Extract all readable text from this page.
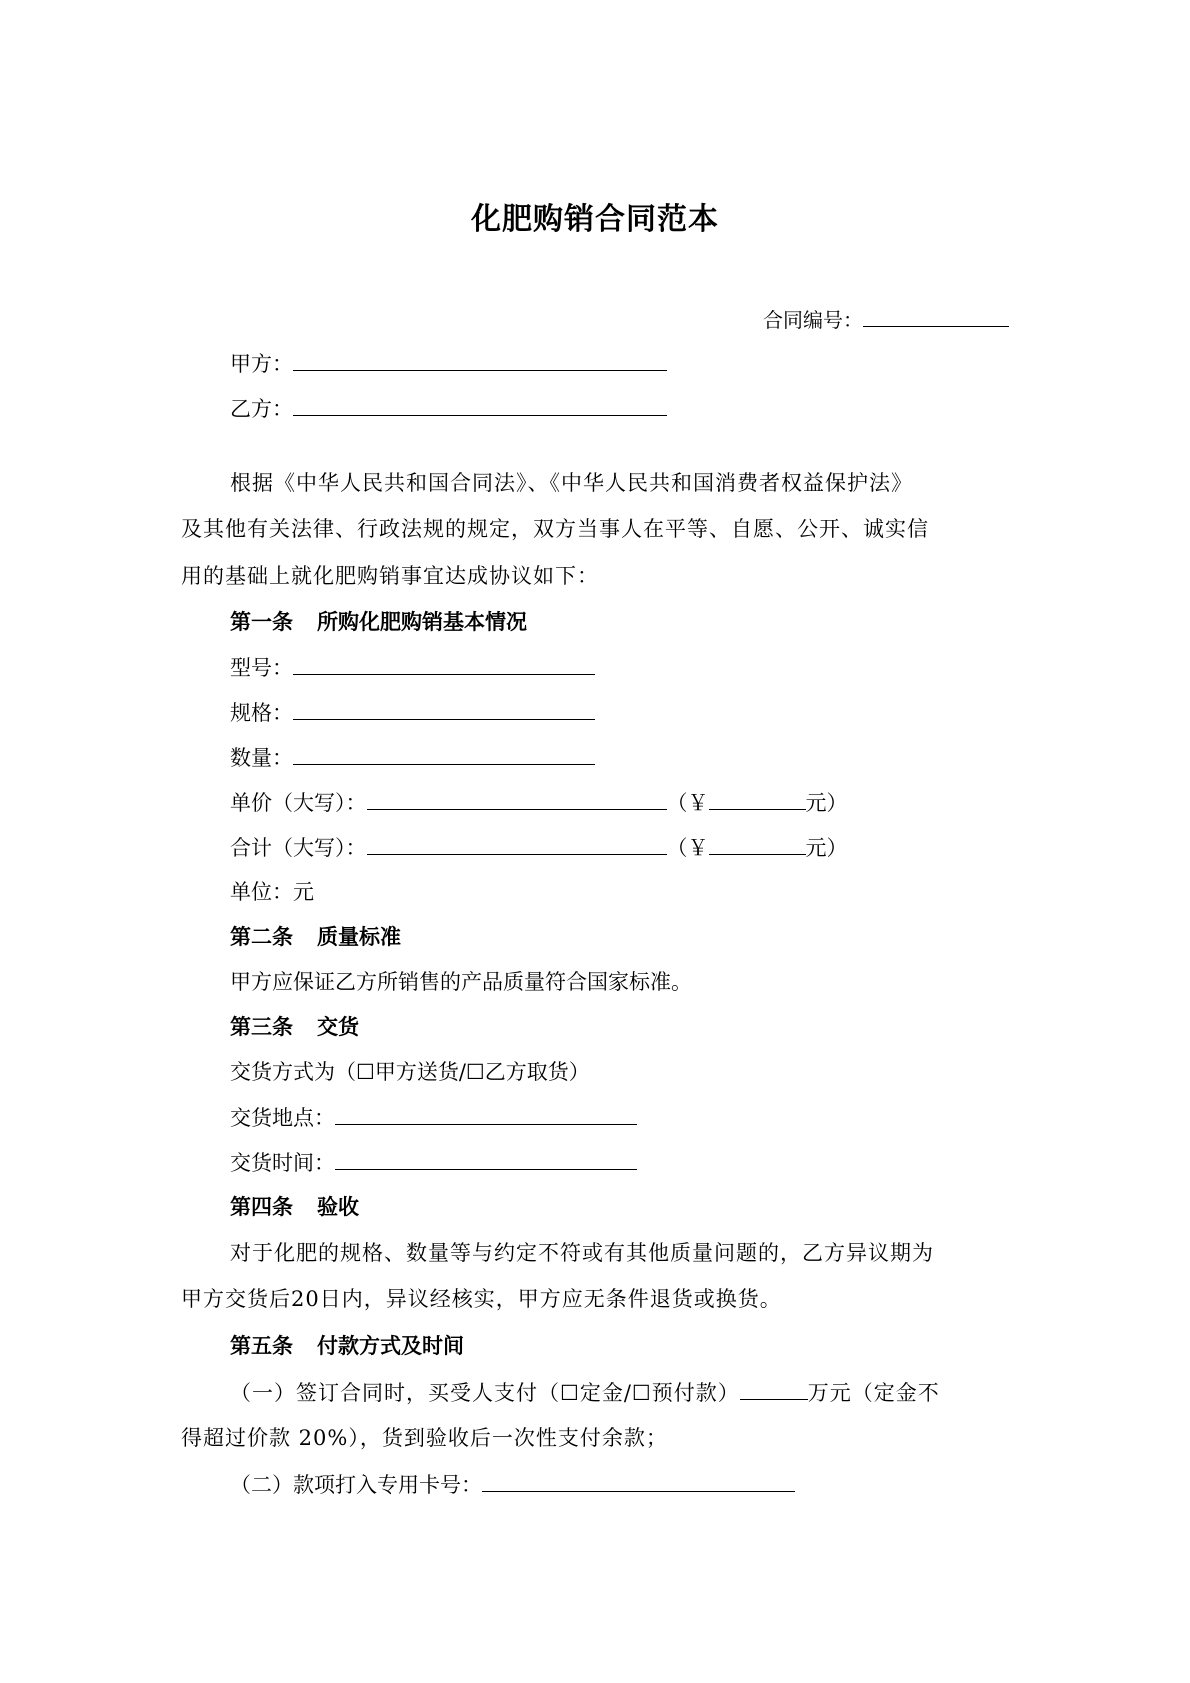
化肥购销合同范本
合同编号：
甲方：
乙方：
根据《中华人民共和国合同法》、《中华人民共和国消费者权益保护法》
及其他有关法律、行政法规的规定，双方当事人在平等、自愿、公开、诚实信
用的基础上就化肥购销事宜达成协议如下：
第一条 所购化肥购销基本情况
型号：
规格：
数量：
单价（大写）：	（￥	元）
合计（大写）：	（￥	元）
单位：元
第二条 质量标准
甲方应保证乙方所销售的产品质量符合国家标准。
第三条 交货
交货方式为（☐甲方送货/☐乙方取货）
交货地点：
交货时间：
第四条 验收
对于化肥的规格、数量等与约定不符或有其他质量问题的，乙方异议期为
甲方交货后20日内，异议经核实，甲方应无条件退货或换货。
第五条 付款方式及时间
（一）签订合同时，买受人支付（☐定金/☐预付款）	万元（定金不
得超过价款 20%），货到验收后一次性支付余款；
（二）款项打入专用卡号：
